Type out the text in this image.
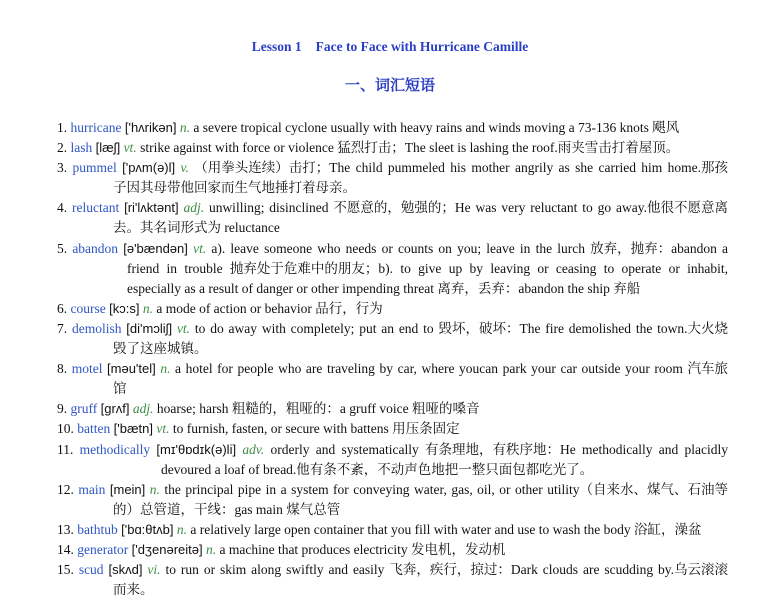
Lesson 1 Face to Face with Hurricane Camille
一、词汇短语
1. hurricane ['hʌrikən] n. a severe tropical cyclone usually with heavy rains and winds moving a 73-136 knots 飓风
2. lash [læʃ] vt. strike against with force or violence 猛烈打击；The sleet is lashing the roof.雨夹雪击打着屋顶。
3. pummel ['pʌm(ə)l] v. （用拳头连续）击打；The child pummeled his mother angrily as she carried him home.那孩
子因其母带他回家而生气地捶打着母亲。
4. reluctant [ri'lʌktənt] adj. unwilling; disinclined 不愿意的，勉强的；He was very reluctant to go away.他很不愿意离
去。其名词形式为 reluctance
5. abandon [ə'bændən] vt. a). leave someone who needs or counts on you; leave in the lurch 放弃，抛弃：abandon a
friend in trouble 抛弃处于危难中的朋友；b). to give up by leaving or ceasing to operate or inhabit,
especially as a result of danger or other impending threat 离弃，丢弃：abandon the ship 弃船
6. course [kɔ:s] n. a mode of action or behavior 品行，行为
7. demolish [di'mɔliʃ] vt. to do away with completely; put an end to 毁坏，破坏：The fire demolished the town.大火烧
毁了这座城镇。
8. motel [məu'tel] n. a hotel for people who are traveling by car, where youcan park your car outside your room 汽车旅
馆
9. gruff [grʌf] adj. hoarse; harsh 粗糙的，粗哑的：a gruff voice 粗哑的嗓音
10. batten ['bætn] vt. to furnish, fasten, or secure with battens 用压条固定
11. methodically [mɪ'θɒdɪk(ə)li] adv. orderly and systematically 有条理地，有秩序地：He methodically and placidly
devoured a loaf of bread.他有条不紊，不动声色地把一整只面包都吃光了。
12. main [mein] n. the principal pipe in a system for conveying water, gas, oil, or other utility（自来水、煤气、石油等
的）总管道，干线：gas main 煤气总管
13. bathtub ['bɑ:θtʌb] n. a relatively large open container that you fill with water and use to wash the body 浴缸，澡盆
14. generator ['dʒenəreitə] n. a machine that produces electricity 发电机，发动机
15. scud [skʌd] vi. to run or skim along swiftly and easily 飞奔，疾行，掠过：Dark clouds are scudding by.乌云滚滚
而来。
